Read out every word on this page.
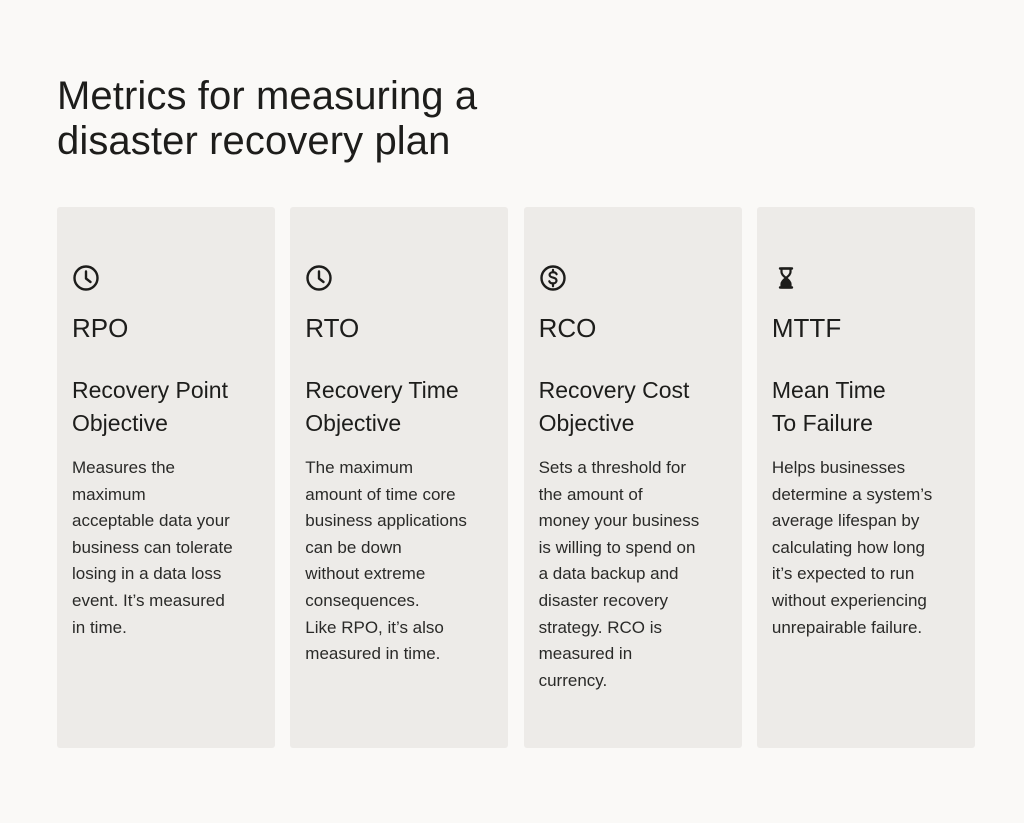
Metrics for measuring a
disaster recovery plan
RPO
Recovery Point
Objective

Measures the
maximum
acceptable data your
business can tolerate
losing in a data loss
event. It’s measured
in time.

RTO
Recovery Time
Objective

The maximum
amount of time core
business applications
can be down
without extreme
consequences.
Like RPO, it’s also
measured in time.

RCO
Recovery Cost
Objective

Sets a threshold for
the amount of
money your business
is willing to spend on
a data backup and
disaster recovery
strategy. RCO is
measured in
currency.

MTTF
Mean Time
To Failure

Helps businesses
determine a system’s
average lifespan by
calculating how long
it’s expected to run
without experiencing
unrepairable failure.
